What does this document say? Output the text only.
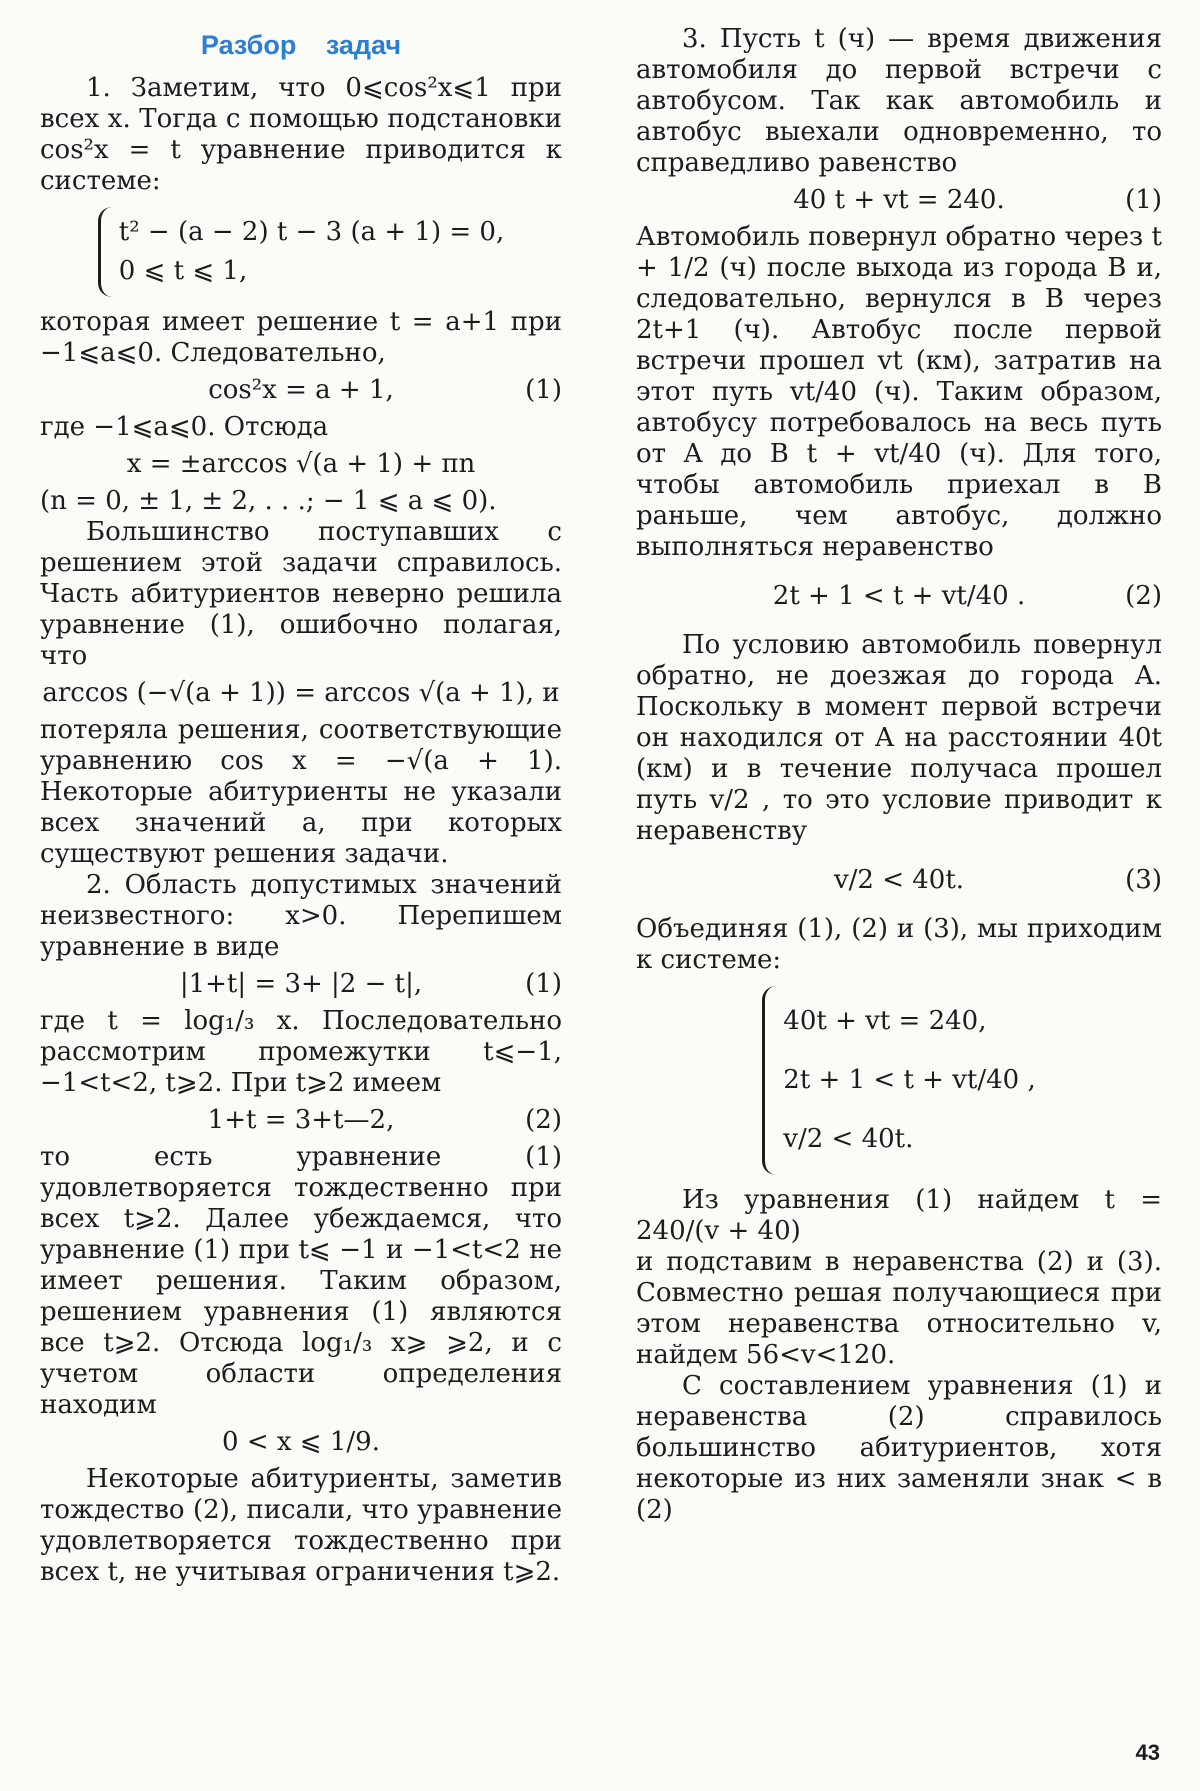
Разбор задач

1. Заметим, что 0⩽cos²x⩽1 при всех x. Тогда с помощью подстановки cos²x = t уравнение приводится к системе:

t² − (a − 2) t − 3 (a + 1) = 0,
0 ⩽ t ⩽ 1,

которая имеет решение t = a+1 при −1⩽a⩽0. Следовательно,

cos²x = a + 1,	(1)

где −1⩽a⩽0. Отсюда

x = ±arccos √(a + 1) + πn

(n = 0, ± 1, ± 2, . . .; − 1 ⩽ a ⩽ 0).

Большинство поступавших с решением этой задачи справилось. Часть абитуриентов неверно решила уравнение (1), ошибочно полагая, что

arccos (−√(a + 1)) = arccos √(a + 1), и

потеряла решения, соответствующие уравнению cos x = −√(a + 1). Некоторые абитуриенты не указали всех значений a, при которых существуют решения задачи.

2. Область допустимых значений неизвестного: x>0. Перепишем уравнение в виде

|1+t| = 3+ |2 − t|,	(1)

где t = log₁/₃ x. Последовательно рассмотрим промежутки t⩽−1, −1<t<2, t⩾2. При t⩾2 имеем

1+t = 3+t—2,	(2)

то есть уравнение (1) удовлетворяется тождественно при всех t⩾2. Далее убеждаемся, что уравнение (1) при t⩽ −1 и −1<t<2 не имеет решения. Таким образом, решением уравнения (1) являются все t⩾2. Отсюда log₁/₃ x⩾ ⩾2, и с учетом области определения находим

0 < x ⩽ 1/9.

Некоторые абитуриенты, заметив тождество (2), писали, что уравнение удовлетворяется тождественно при всех t, не учитывая ограничения t⩾2.

3. Пусть t (ч) — время движения автомобиля до первой встречи с автобусом. Так как автомобиль и автобус выехали одновременно, то справедливо равенство

40 t + vt = 240.	(1)

Автомобиль повернул обратно через t + 1/2 (ч) после выхода из города B и, следовательно, вернулся в B через 2t+1 (ч). Автобус после первой встречи прошел vt (км), затратив на этот путь vt/40 (ч). Таким образом, автобусу потребовалось на весь путь от A до B t + vt/40 (ч). Для того, чтобы автомобиль приехал в B раньше, чем автобус, должно выполняться неравенство

2t + 1 < t + vt/40 .	(2)

По условию автомобиль повернул обратно, не доезжая до города A. Поскольку в момент первой встречи он находился от A на расстоянии 40t (км) и в течение получаса прошел путь v/2 , то это условие приводит к неравенству

v/2 < 40t.	(3)

Объединяя (1), (2) и (3), мы приходим к системе:

40t + vt = 240,
2t + 1 < t + vt/40 ,
v/2 < 40t.

Из уравнения (1) найдем t = 240/(v + 40)

и подставим в неравенства (2) и (3). Совместно решая получающиеся при этом неравенства относительно v, найдем 56<v<120.

С составлением уравнения (1) и неравенства (2) справилось большинство абитуриентов, хотя некоторые из них заменяли знак < в (2)

43
